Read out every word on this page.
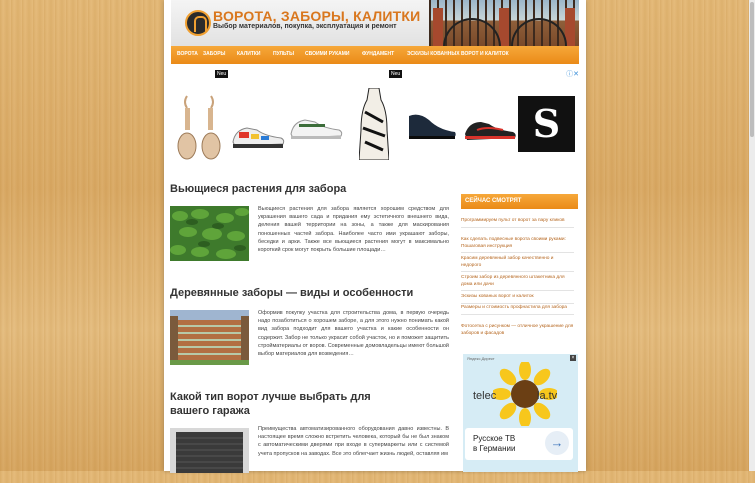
ВОРОТА, ЗАБОРЫ, КАЛИТКИ
Выбор материалов, покупка, эксплуатация и ремонт
ВОРОТА ЗАБОРЫ КАЛИТКИ ПУЛЬТЫ СВОИМИ РУКАМИ ФУНДАМЕНТ	ЭСКИЗЫ КОВАННЫХ ВОРОТ И КАЛИТОК
ⓘ✕
Neu	Neu
S
Вьющиеся растения для забора
Вьющиеся растения для забора является хорошим средством для украшения вашего сада и придания ему эстетичного внешнего вида, деления вашей территории на зоны, а также для маскирования поношенных частей забора. Наиболее часто ими украшают заборы, беседки и арки. Также все вьющиеся растения могут в максимально короткий срок могут покрыть большие площади…
Деревянные заборы — виды и особенности
Оформив покупку участка для строительства дома, в первую очередь надо позаботиться о хорошем заборе, а для этого нужно понимать какой вид забора подходит для вашего участка и какие особенности он содержит. Забор не только украсит собой участок, но и поможет защитить стройматериалы от воров. Современные домовладельцы имеют большой выбор материалов для возведения…
Какой тип ворот лучше выбрать для вашего гаража
Преимущества автоматизированного оборудования давно известны. В настоящее время сложно встретить человека, который бы не был знаком с автоматическими дверями при входе в супермаркеты или с системой учета пропусков на заводах. Все это облегчает жизнь людей, оставляя им
СЕЙЧАС СМОТРЯТ
Программируем пульт от ворот за пару кликов
Как сделать подвесные ворота своими руками: Пошаговая инструкция
Красим деревянный забор качественно и недорого
Строим забор из деревянного штакетника для дома или дачи
Эскизы кованых ворот и калиток
Размеры и стоимость профнастила для забора
Фотосетка с рисунком — отличное украшение для заборов и фасадов
Яндекс.Директ	×
telec	la.tv
Русское ТВ
в Германии	→
